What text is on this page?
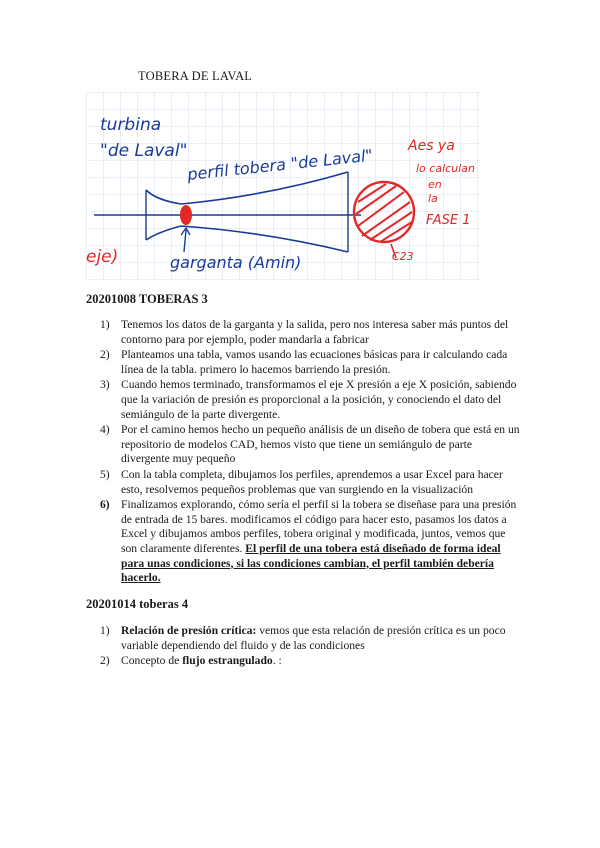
TOBERA DE LAVAL
turbina
"de Laval" perfil tobera "de Laval"
garganta (Amin)
eje)
Aes ya
lo calculan
en
la
FASE 1
C23
20201008 TOBERAS 3
1) Tenemos los datos de la garganta y la salida, pero nos interesa saber más puntos del contorno para por ejemplo, poder mandarla a fabricar
2) Planteamos una tabla, vamos usando las ecuaciones básicas para ir calculando cada línea de la tabla. primero lo hacemos barriendo la presión.
3) Cuando hemos terminado, transformamos el eje X presión a eje X posición, sabiendo que la variación de presión es proporcional a la posición, y conociendo el dato del semiángulo de la parte divergente.
4) Por el camino hemos hecho un pequeño análisis de un diseño de tobera que está en un repositorio de modelos CAD, hemos visto que tiene un semiángulo de parte divergente muy pequeño
5) Con la tabla completa, dibujamos los perfiles, aprendemos a usar Excel para hacer esto, resolvemos pequeños problemas que van surgiendo en la visualización
6) Finalizamos explorando, cómo sería el perfil si la tobera se diseñase para una presión de entrada de 15 bares. modificamos el código para hacer esto, pasamos los datos a Excel y dibujamos ambos perfiles, tobera original y modificada, juntos, vemos que son claramente diferentes. El perfil de una tobera está diseñado de forma ideal para unas condiciones, si las condiciones cambian, el perfil también debería hacerlo.
20201014 toberas 4
1) Relación de presión crítica: vemos que esta relación de presión crítica es un poco variable dependiendo del fluido y de las condiciones
2) Concepto de flujo estrangulado. :
